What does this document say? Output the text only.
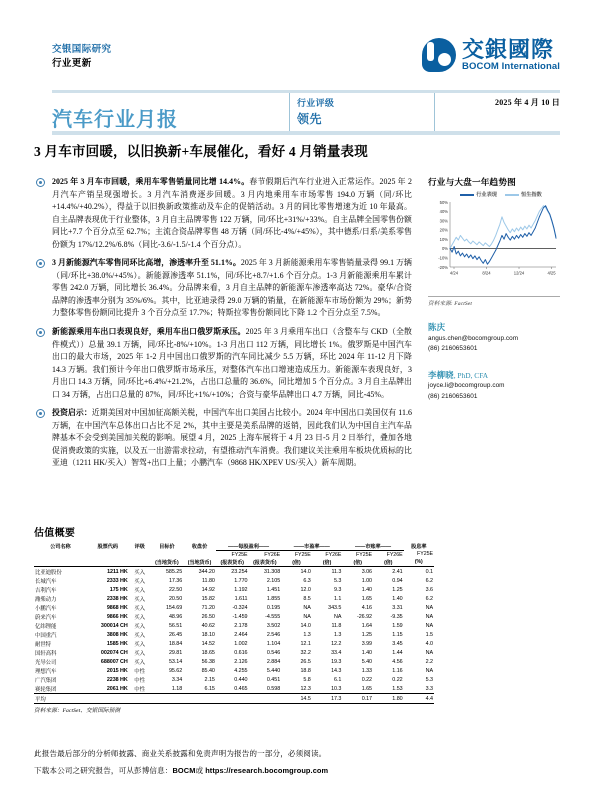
交银国际研究
行业更新
交銀國際
BOCOM International
汽车行业月报
行业评级
领先
2025 年 4 月 10 日
3 月车市回暖，以旧换新+车展催化，看好 4 月销量表现
2025 年 3 月车市回暖，乘用车零售销量同比增 14.4%。春节假期后汽车行业进入正常运作。2025 年 2 月汽车产销呈现强增长。3 月汽车消费逐步回暖。3 月内地乘用车市场零售 194.0 万辆（同/环比+14.4%/+40.2%），得益于以旧换新政策推动及车企的促销活动。3 月的同比零售增速为近 10 年最高。自主品牌表现优于行业整体，3 月自主品牌零售 122 万辆，同/环比+31%/+33%。自主品牌全国零售份额同比+7.7 个百分点至 62.7%；主流合资品牌零售 48 万辆（同/环比-4%/+45%），其中德系/日系/美系零售份额为 17%/12.2%/6.8%（同比-3.6/-1.5/-1.4 个百分点）。
3 月新能源汽车零售同环比高增，渗透率升至 51.1%。2025 年 3 月新能源乘用车零售销量录得 99.1 万辆（同/环比+38.0%/+45%）。新能源渗透率 51.1%，同/环比+8.7/+1.6 个百分点。1-3 月新能源乘用车累计零售 242.0 万辆，同比增长 36.4%。分品牌来看，3 月自主品牌的新能源车渗透率高达 72%。豪华/合资品牌的渗透率分别为 35%/6%。其中，比亚迪录得 29.0 万辆的销量，在新能源车市场份额为 29%；新势力整体零售份额同比提升 3 个百分点至 17.7%；特斯拉零售份额同比下降 1.2 个百分点至 7.5%。
新能源乘用车出口表现良好，乘用车出口俄罗斯承压。2025 年 3 月乘用车出口（含整车与 CKD（全散件模式））总量 39.1 万辆，同/环比-8%/+10%。1-3 月出口 112 万辆，同比增长 1%。俄罗斯是中国汽车出口的最大市场，2025 年 1-2 月中国出口俄罗斯的汽车同比减少 5.5 万辆，环比 2024 年 11-12 月下降 14.3 万辆。我们预计今年出口俄罗斯市场承压，对整体汽车出口增速造成压力。新能源车表现良好，3 月出口 14.3 万辆，同/环比+6.4%/+21.2%，占出口总量的 36.6%，同比增加 5 个百分点。3 月自主品牌出口 34 万辆，占出口总量的 87%，同/环比+1%/+10%；合资与豪华品牌出口 4.7 万辆，同比-45%。
投资启示：近期美国对中国加征高额关税，中国汽车出口美国占比较小。2024 年中国出口美国仅有 11.6 万辆，在中国汽车总体出口占比不足 2%，其中主要是美系品牌的返销，因此我们认为中国自主汽车品牌基本不会受到美国加关税的影响。展望 4 月，2025 上海车展将于 4 月 23 日-5 月 2 日举行，叠加各地促消费政策的实施，以及五一出游需求拉动，有望推动汽车消费。我们建议关注乘用车板块优质标的比亚迪（1211 HK/买入）智驾+出口上量；小鹏汽车（9868 HK/XPEV US/买入）新车周期。
行业与大盘一年趋势图
行业表现	恒生指数
50%
40%
30%
20%
10%
0%
-10%
-20%
4/24	8/24	12/24	4/25
资料来源: FactSet
陈庆
angus.chen@bocomgroup.com
(86) 2160653601
李柳晓, PhD, CFA
joyce.li@bocomgroup.com
(86) 2160653601
估值概要
公司名称	股票代码	评级	目标价	收盘价	——每股盈利——		——市盈率——		——市账率——		股息率
					FY25E	FY26E	FY25E	FY26E	FY25E	FY26E	FY25E
			(当地货币)	(当地货币)	(报表货币)	(报表货币)	(倍)	(倍)	(倍)	(倍)	(%)
比亚迪股份	1211 HK	买入	585.25	344.20	23.254	31.308	14.0	11.3	3.06	2.41	0.1
长城汽车	2333 HK	买入	17.36	11.80	1.770	2.105	6.3	5.3	1.00	0.94	6.2
吉利汽车	175 HK	买入	22.50	14.92	1.192	1.451	12.0	9.3	1.40	1.25	3.6
潍柴动力	2338 HK	买入	20.50	15.82	1.611	1.855	8.5	1.1	1.65	1.40	6.2
小鹏汽车	9868 HK	买入	154.69	71.20	-0.324	0.195	NA	343.5	4.16	3.31	NA
蔚来汽车	9866 HK	买入	48.96	26.50	-1.459	-4.555	NA	NA	-26.92	-9.35	NA
亿纬锂能	300014 CH	买入	56.51	40.62	2.178	3.502	14.0	11.8	1.64	1.59	NA
中国重汽	3808 HK	买入	26.45	18.10	2.464	2.546	1.3	1.3	1.25	1.15	1.5
耐世特	1585 HK	买入	18.84	14.52	1.002	1.104	12.1	12.2	3.99	3.45	4.0
国轩高科	002074 CH	买入	29.81	18.65	0.616	0.546	32.2	33.4	1.40	1.44	NA
光导公司	688007 CH	买入	53.14	56.38	2.126	2.884	26.5	19.3	5.40	4.56	2.2
理想汽车	2015 HK	中性	95.62	85.40	4.255	5.440	18.8	14.3	1.33	1.16	NA
广汽集团	2238 HK	中性	3.34	2.15	0.440	0.451	5.8	6.1	0.22	0.22	5.3
赛轮集团	2061 HK	中性	1.18	6.15	0.465	0.598	12.3	10.3	1.65	1.53	3.3
平均							14.5	17.3	0.17	1.80	4.4
资料来源：FactSet、交银国际预测
此报告最后部分的分析师披露、商业关系披露和免责声明为报告的一部分，必须阅读。
下载本公司之研究报告，可从彭博信息：BOCM或 https://research.bocomgroup.com
